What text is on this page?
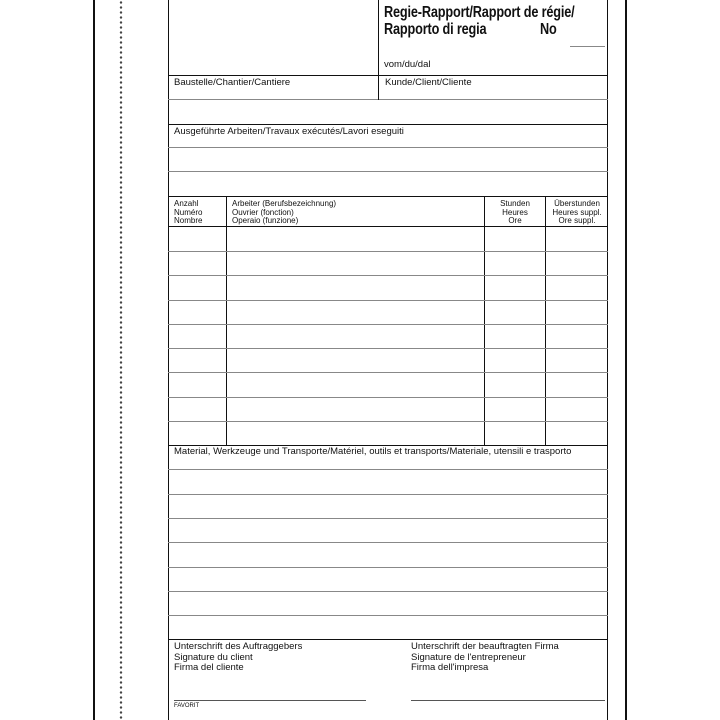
Regie-Rapport/Rapport de régie/
Rapporto di regia	No
vom/du/dal
Baustelle/Chantier/Cantiere	Kunde/Client/Cliente
Ausgeführte Arbeiten/Travaux exécutés/Lavori eseguiti
Anzahl
Numéro
Nombre
Arbeiter (Berufsbezeichnung)
Ouvrier (fonction)
Operaio (funzione)
Stunden
Heures
Ore
Überstunden
Heures suppl.
Ore suppl.
Material, Werkzeuge und Transporte/Matériel, outils et transports/Materiale, utensili e trasporto
Unterschrift des Auftraggebers
Signature du client
Firma del cliente
Unterschrift der beauftragten Firma
Signature de l'entrepreneur
Firma dell'impresa
FAVORIT
